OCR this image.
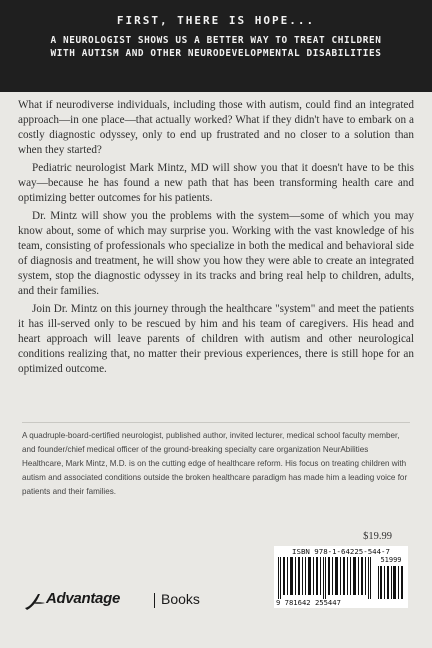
FIRST, THERE IS HOPE...
A NEUROLOGIST SHOWS US A BETTER WAY TO TREAT CHILDREN
WITH AUTISM AND OTHER NEURODEVELOPMENTAL DISABILITIES

What if neurodiverse individuals, including those with autism, could find an integrated approach—in one place—that actually worked? What if they didn't have to embark on a costly diagnostic odyssey, only to end up frustrated and no closer to a solution than when they started?

Pediatric neurologist Mark Mintz, MD will show you that it doesn't have to be this way—because he has found a new path that has been transforming health care and optimizing better outcomes for his patients.

Dr. Mintz will show you the problems with the system—some of which you may know about, some of which may surprise you. Working with the vast knowledge of his team, consisting of professionals who specialize in both the medical and behavioral side of diagnosis and treatment, he will show you how they were able to create an integrated system, stop the diagnostic odyssey in its tracks and bring real help to children, adults, and their families.

Join Dr. Mintz on this journey through the healthcare "system" and meet the patients it has ill-served only to be rescued by him and his team of caregivers. His head and heart approach will leave parents of children with autism and other neurological conditions realizing that, no matter their previous experiences, there is still hope for an optimized outcome.

A quadruple-board-certified neurologist, published author, invited lecturer, medical school faculty member, and founder/chief medical officer of the ground-breaking specialty care organization NeurAbilities Healthcare, Mark Mintz, M.D. is on the cutting edge of healthcare reform. His focus on treating children with autism and associated conditions outside the broken healthcare paradigm has made him a leading voice for patients and their families.

$19.99
ISBN 978-1-64225-544-7
51999
9 781642 255447
Advantage	Books
